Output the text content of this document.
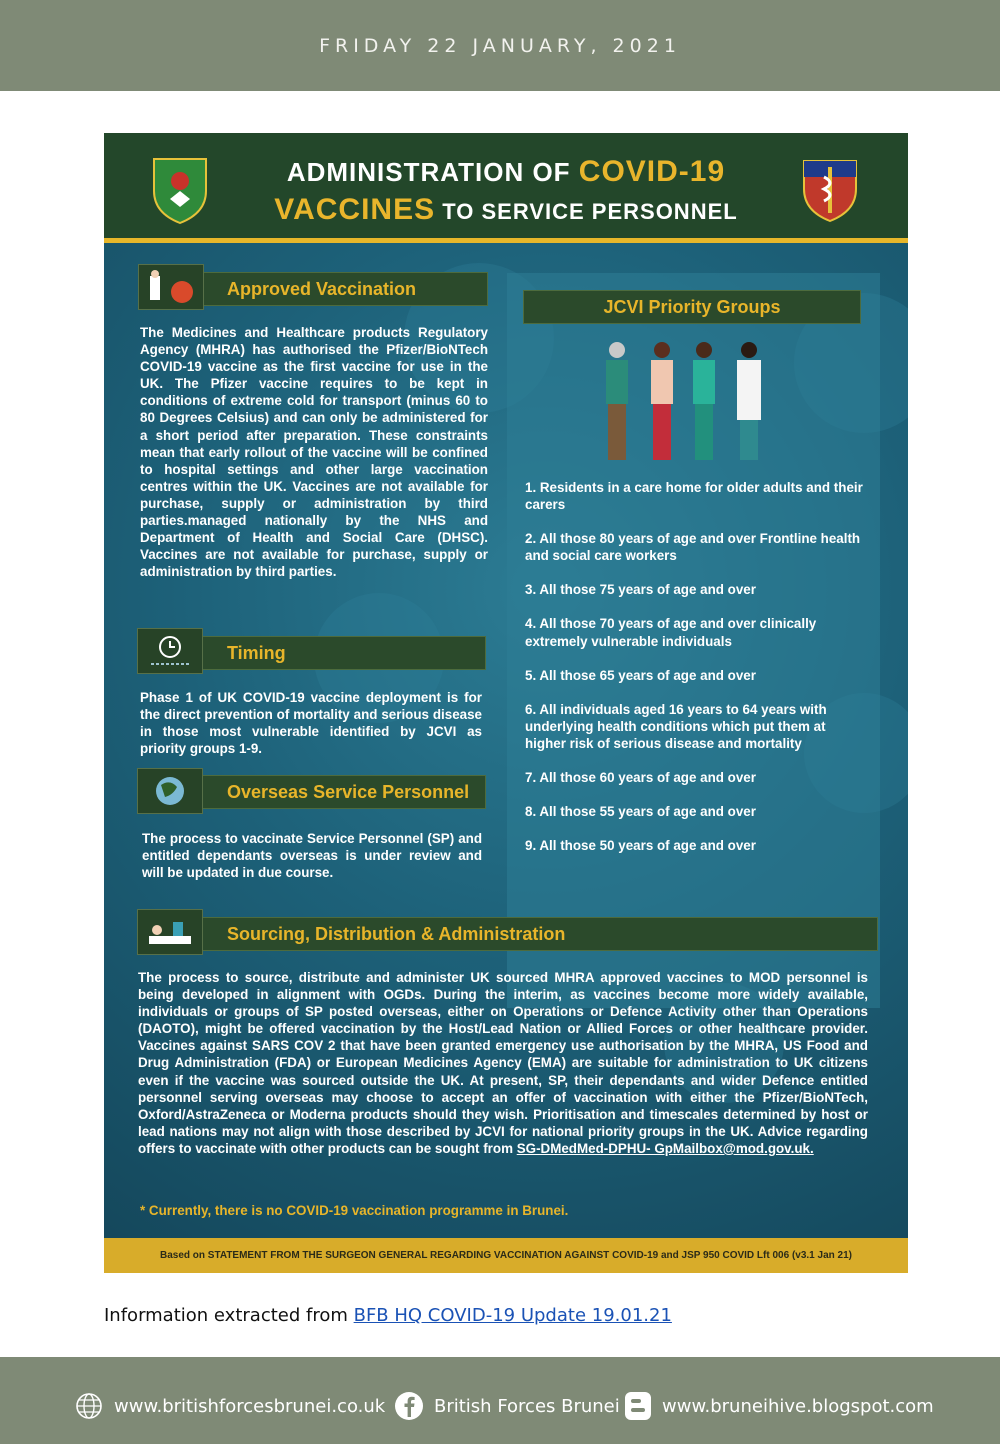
FRIDAY 22 JANUARY, 2021
ADMINISTRATION OF COVID-19
VACCINES TO SERVICE PERSONNEL
Approved Vaccination
The Medicines and Healthcare products Regulatory Agency (MHRA) has authorised the Pfizer/BioNTech COVID-19 vaccine as the first vaccine for use in the UK. The Pfizer vaccine requires to be kept in conditions of extreme cold for transport (minus 60 to 80 Degrees Celsius) and can only be administered for a short period after preparation. These constraints mean that early rollout of the vaccine will be confined to hospital settings and other large vaccination centres within the UK. Vaccines are not available for purchase, supply or administration by third parties.managed nationally by the NHS and Department of Health and Social Care (DHSC). Vaccines are not available for purchase, supply or administration by third parties.
Timing
Phase 1 of UK COVID-19 vaccine deployment is for the direct prevention of mortality and serious disease in those most vulnerable identified by JCVI as priority groups 1-9.
Overseas Service Personnel
The process to vaccinate Service Personnel (SP) and entitled dependants overseas is under review and will be updated in due course.
JCVI Priority Groups
1. Residents in a care home for older adults and their carers
2. All those 80 years of age and over Frontline health and social care workers
3. All those 75 years of age and over
4. All those 70 years of age and over clinically extremely vulnerable individuals
5. All those 65 years of age and over
6. All individuals aged 16 years to 64 years with underlying health conditions which put them at higher risk of serious disease and mortality
7. All those 60 years of age and over
8. All those 55 years of age and over
9. All those 50 years of age and over
Sourcing, Distribution & Administration
The process to source, distribute and administer UK sourced MHRA approved vaccines to MOD personnel is being developed in alignment with OGDs. During the interim, as vaccines become more widely available, individuals or groups of SP posted overseas, either on Operations or Defence Activity other than Operations (DAOTO), might be offered vaccination by the Host/Lead Nation or Allied Forces or other healthcare provider. Vaccines against SARS COV 2 that have been granted emergency use authorisation by the MHRA, US Food and Drug Administration (FDA) or European Medicines Agency (EMA) are suitable for administration to UK citizens even if the vaccine was sourced outside the UK. At present, SP, their dependants and wider Defence entitled personnel serving overseas may choose to accept an offer of vaccination with either the Pfizer/BioNTech, Oxford/AstraZeneca or Moderna products should they wish. Prioritisation and timescales determined by host or lead nations may not align with those described by JCVI for national priority groups in the UK. Advice regarding offers to vaccinate with other products can be sought from SG-DMedMed-DPHU- GpMailbox@mod.gov.uk.
* Currently, there is no COVID-19 vaccination programme in Brunei.
Based on STATEMENT FROM THE SURGEON GENERAL REGARDING VACCINATION AGAINST COVID-19 and JSP 950 COVID Lft 006 (v3.1 Jan 21)
Information extracted from BFB HQ COVID-19 Update 19.01.21
www.britishforcesbrunei.co.uk	British Forces Brunei www.bruneihive.blogspot.com
